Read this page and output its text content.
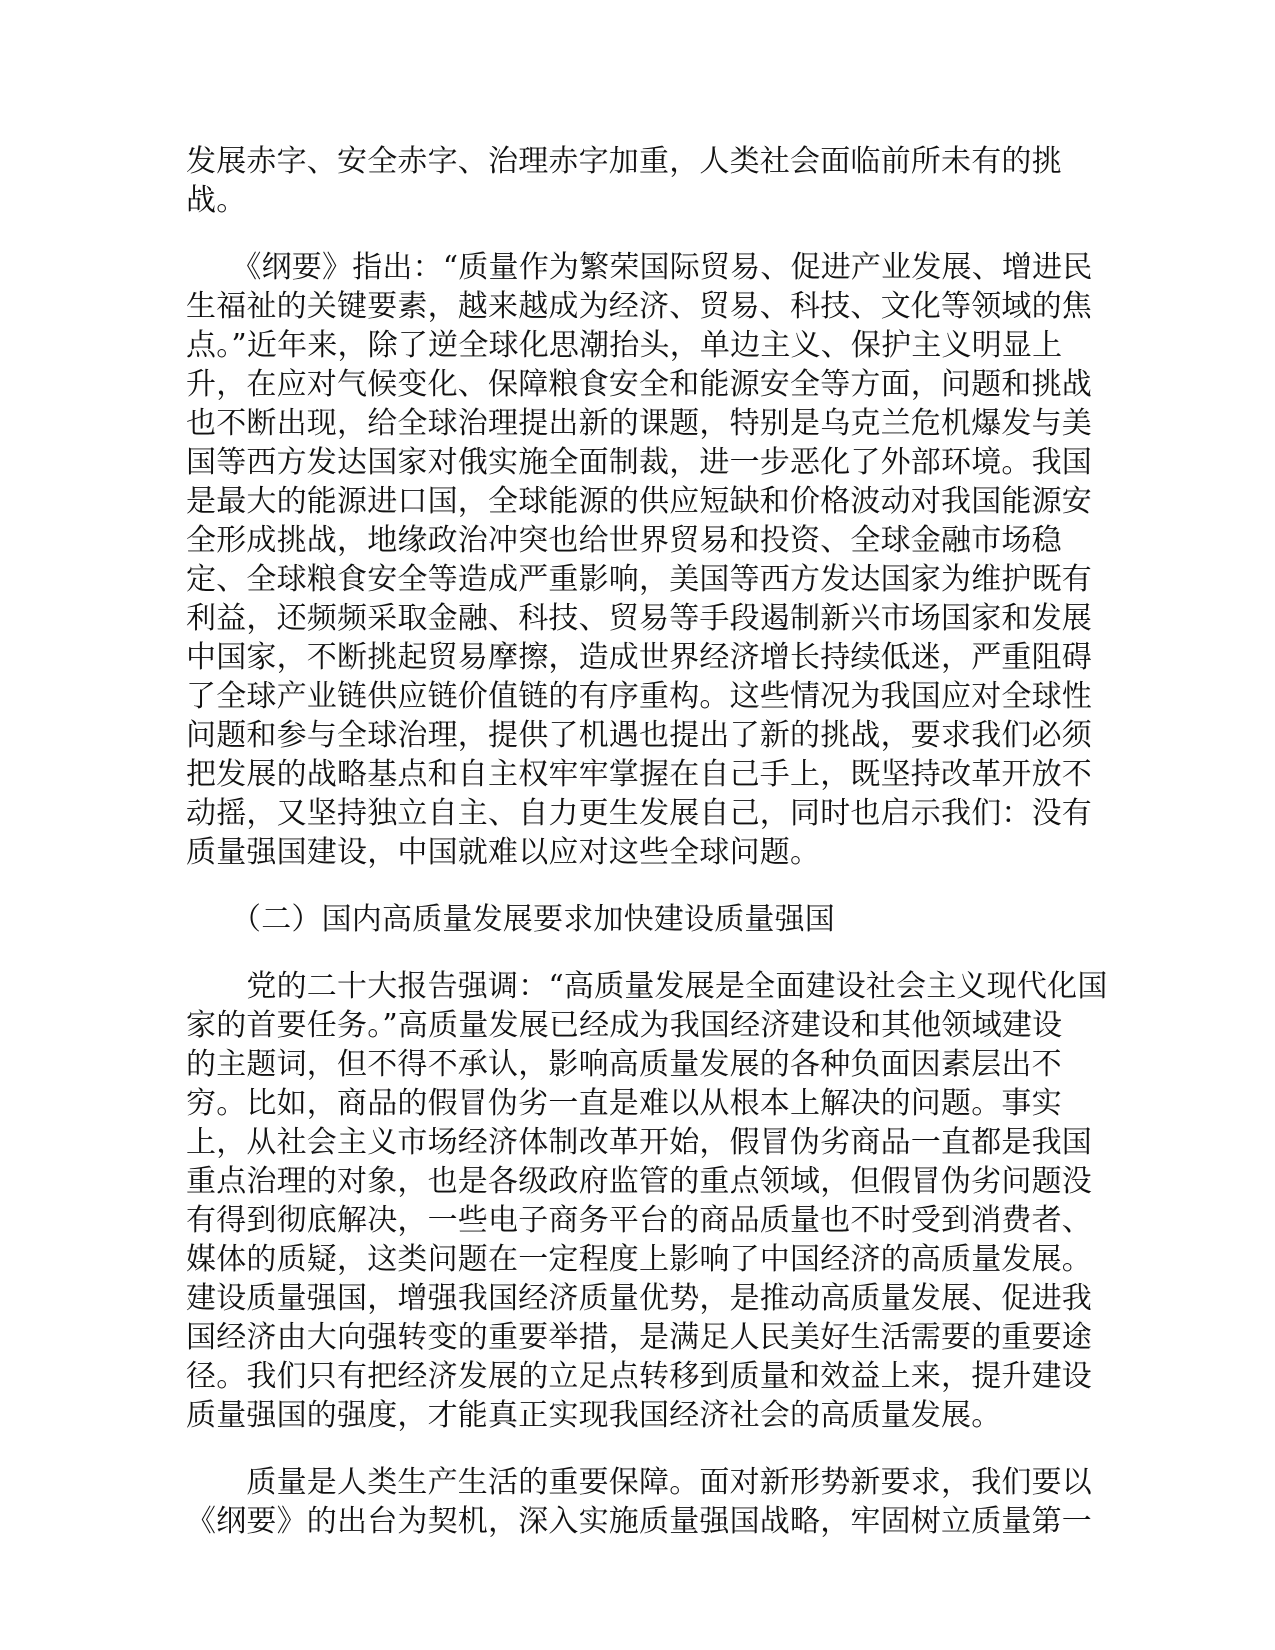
发展赤字、安全赤字、治理赤字加重，人类社会面临前所未有的挑
战。
　　《纲要》指出：“质量作为繁荣国际贸易、促进产业发展、增进民
生福祉的关键要素，越来越成为经济、贸易、科技、文化等领域的焦
点。”近年来，除了逆全球化思潮抬头，单边主义、保护主义明显上
升，在应对气候变化、保障粮食安全和能源安全等方面，问题和挑战
也不断出现，给全球治理提出新的课题，特别是乌克兰危机爆发与美
国等西方发达国家对俄实施全面制裁，进一步恶化了外部环境。我国
是最大的能源进口国，全球能源的供应短缺和价格波动对我国能源安
全形成挑战，地缘政治冲突也给世界贸易和投资、全球金融市场稳
定、全球粮食安全等造成严重影响，美国等西方发达国家为维护既有
利益，还频频采取金融、科技、贸易等手段遏制新兴市场国家和发展
中国家，不断挑起贸易摩擦，造成世界经济增长持续低迷，严重阻碍
了全球产业链供应链价值链的有序重构。这些情况为我国应对全球性
问题和参与全球治理，提供了机遇也提出了新的挑战，要求我们必须
把发展的战略基点和自主权牢牢掌握在自己手上，既坚持改革开放不
动摇，又坚持独立自主、自力更生发展自己，同时也启示我们：没有
质量强国建设，中国就难以应对这些全球问题。
（二）国内高质量发展要求加快建设质量强国
　　党的二十大报告强调：“高质量发展是全面建设社会主义现代化国
家的首要任务。”高质量发展已经成为我国经济建设和其他领域建设
的主题词，但不得不承认，影响高质量发展的各种负面因素层出不
穷。比如，商品的假冒伪劣一直是难以从根本上解决的问题。事实
上，从社会主义市场经济体制改革开始，假冒伪劣商品一直都是我国
重点治理的对象，也是各级政府监管的重点领域，但假冒伪劣问题没
有得到彻底解决，一些电子商务平台的商品质量也不时受到消费者、
媒体的质疑，这类问题在一定程度上影响了中国经济的高质量发展。
建设质量强国，增强我国经济质量优势，是推动高质量发展、促进我
国经济由大向强转变的重要举措，是满足人民美好生活需要的重要途
径。我们只有把经济发展的立足点转移到质量和效益上来，提升建设
质量强国的强度，才能真正实现我国经济社会的高质量发展。
　　质量是人类生产生活的重要保障。面对新形势新要求，我们要以
《纲要》的出台为契机，深入实施质量强国战略，牢固树立质量第一
